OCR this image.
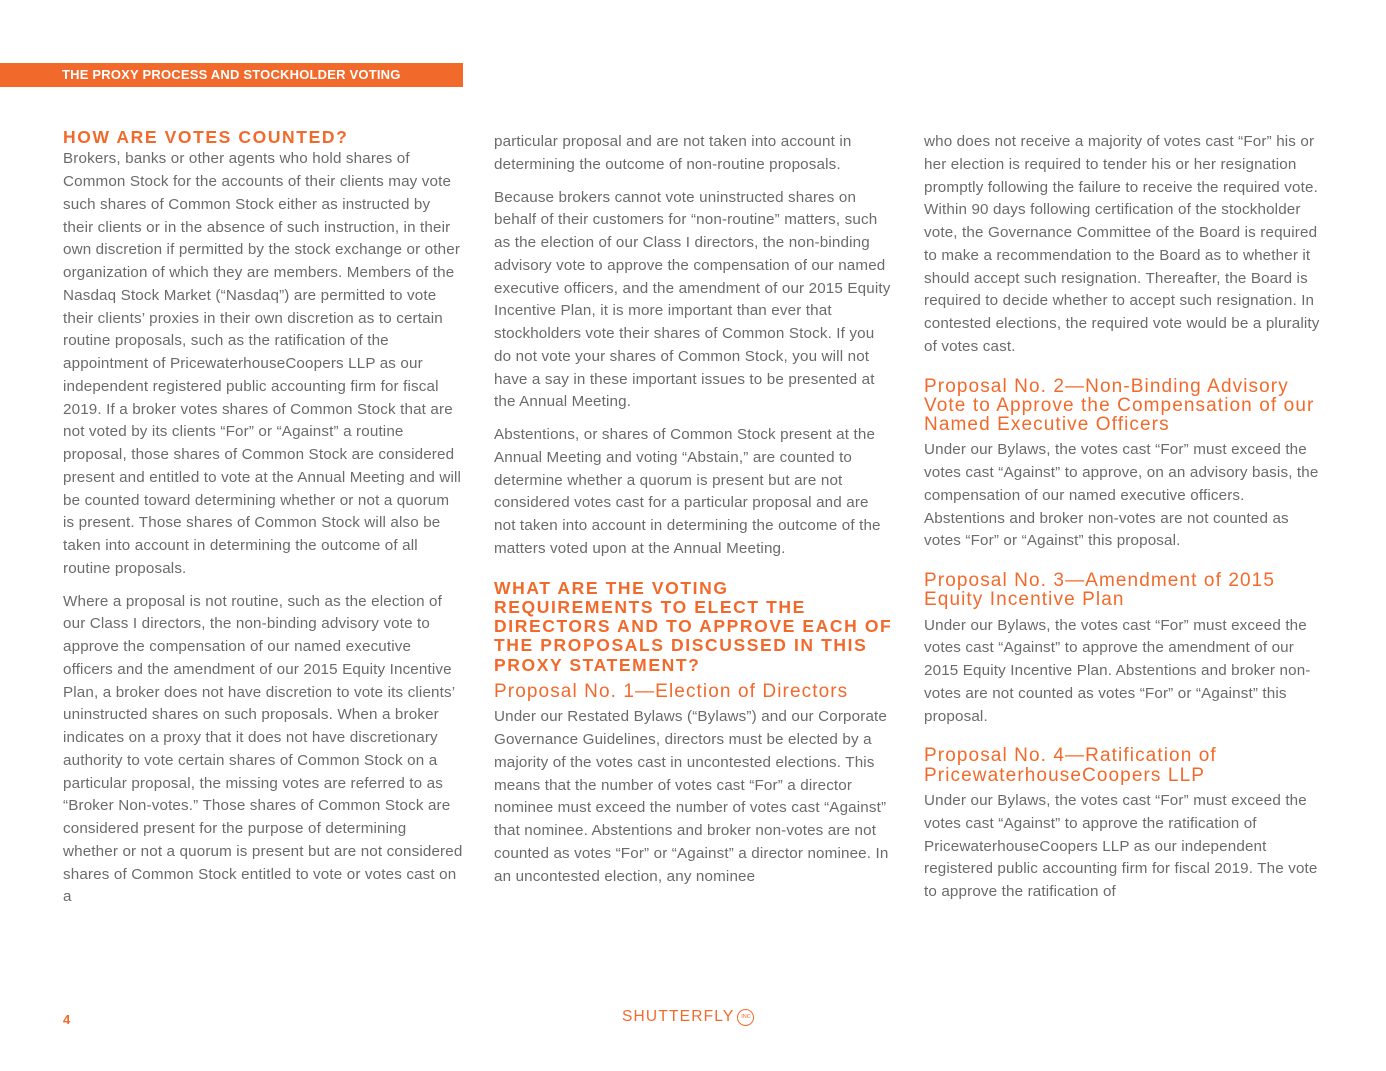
THE PROXY PROCESS AND STOCKHOLDER VOTING
HOW ARE VOTES COUNTED?

Brokers, banks or other agents who hold shares of Common Stock for the accounts of their clients may vote such shares of Common Stock either as instructed by their clients or in the absence of such instruction, in their own discretion if permitted by the stock exchange or other organization of which they are members. Members of the Nasdaq Stock Market (“Nasdaq”) are permitted to vote their clients’ proxies in their own discretion as to certain routine proposals, such as the ratification of the appointment of PricewaterhouseCoopers LLP as our independent registered public accounting firm for fiscal 2019. If a broker votes shares of Common Stock that are not voted by its clients “For” or “Against” a routine proposal, those shares of Common Stock are considered present and entitled to vote at the Annual Meeting and will be counted toward determining whether or not a quorum is present. Those shares of Common Stock will also be taken into account in determining the outcome of all routine proposals.

Where a proposal is not routine, such as the election of our Class I directors, the non-binding advisory vote to approve the compensation of our named executive officers and the amendment of our 2015 Equity Incentive Plan, a broker does not have discretion to vote its clients’ uninstructed shares on such proposals. When a broker indicates on a proxy that it does not have discretionary authority to vote certain shares of Common Stock on a particular proposal, the missing votes are referred to as “Broker Non-votes.” Those shares of Common Stock are considered present for the purpose of determining whether or not a quorum is present but are not considered shares of Common Stock entitled to vote or votes cast on a

particular proposal and are not taken into account in determining the outcome of non-routine proposals.

Because brokers cannot vote uninstructed shares on behalf of their customers for “non-routine” matters, such as the election of our Class I directors, the non-binding advisory vote to approve the compensation of our named executive officers, and the amendment of our 2015 Equity Incentive Plan, it is more important than ever that stockholders vote their shares of Common Stock. If you do not vote your shares of Common Stock, you will not have a say in these important issues to be presented at the Annual Meeting.

Abstentions, or shares of Common Stock present at the Annual Meeting and voting “Abstain,” are counted to determine whether a quorum is present but are not considered votes cast for a particular proposal and are not taken into account in determining the outcome of the matters voted upon at the Annual Meeting.

WHAT ARE THE VOTING REQUIREMENTS TO ELECT THE DIRECTORS AND TO APPROVE EACH OF THE PROPOSALS DISCUSSED IN THIS PROXY STATEMENT?
Proposal No. 1—Election of Directors

Under our Restated Bylaws (“Bylaws”) and our Corporate Governance Guidelines, directors must be elected by a majority of the votes cast in uncontested elections. This means that the number of votes cast “For” a director nominee must exceed the number of votes cast “Against” that nominee. Abstentions and broker non-votes are not counted as votes “For” or “Against” a director nominee. In an uncontested election, any nominee

who does not receive a majority of votes cast “For” his or her election is required to tender his or her resignation promptly following the failure to receive the required vote. Within 90 days following certification of the stockholder vote, the Governance Committee of the Board is required to make a recommendation to the Board as to whether it should accept such resignation. Thereafter, the Board is required to decide whether to accept such resignation. In contested elections, the required vote would be a plurality of votes cast.

Proposal No. 2—Non-Binding Advisory Vote to Approve the Compensation of our Named Executive Officers

Under our Bylaws, the votes cast “For” must exceed the votes cast “Against” to approve, on an advisory basis, the compensation of our named executive officers. Abstentions and broker non-votes are not counted as votes “For” or “Against” this proposal.

Proposal No. 3—Amendment of 2015 Equity Incentive Plan

Under our Bylaws, the votes cast “For” must exceed the votes cast “Against” to approve the amendment of our 2015 Equity Incentive Plan. Abstentions and broker non-votes are not counted as votes “For” or “Against” this proposal.

Proposal No. 4—Ratification of PricewaterhouseCoopers LLP

Under our Bylaws, the votes cast “For” must exceed the votes cast “Against” to approve the ratification of PricewaterhouseCoopers LLP as our independent registered public accounting firm for fiscal 2019. The vote to approve the ratification of

4	SHUTTERFLY	INC
